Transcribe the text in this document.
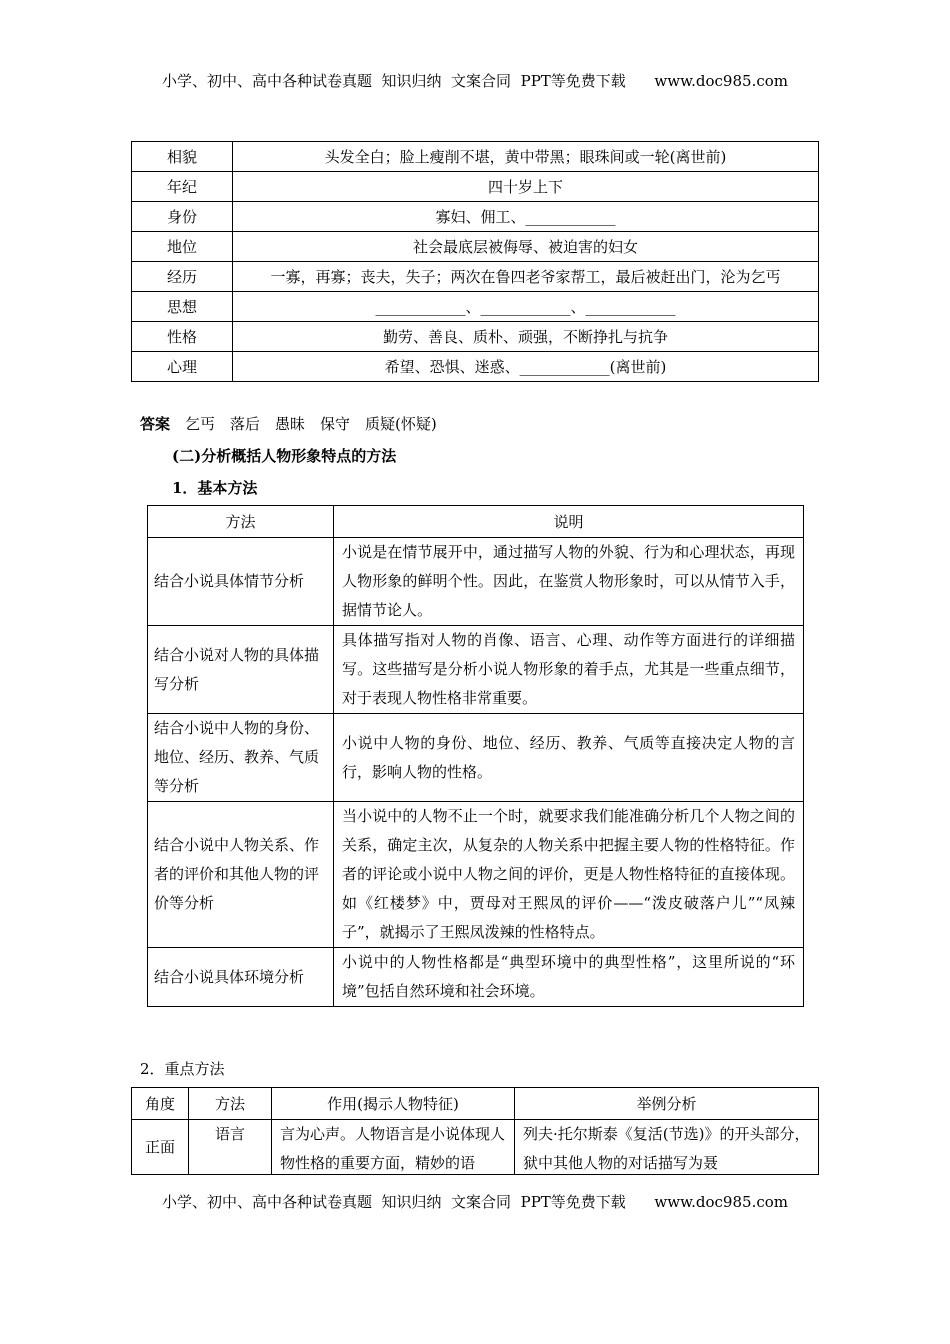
小学、初中、高中各种试卷真题  知识归纳  文案合同  PPT等免费下载      www.doc985.com
相貌	头发全白；脸上瘦削不堪，黄中带黑；眼珠间或一轮(离世前)
年纪	四十岁上下
身份	寡妇、佣工、____________
地位	社会最底层被侮辱、被迫害的妇女
经历	一寡，再寡；丧夫，失子；两次在鲁四老爷家帮工，最后被赶出门，沦为乞丐
思想	____________、____________、____________
性格	勤劳、善良、质朴、顽强，不断挣扎与抗争
心理	希望、恐惧、迷惑、____________(离世前)
答案　 乞丐　落后　愚昧　保守　质疑(怀疑)
(二)分析概括人物形象特点的方法
1．基本方法
方法	说明
结合小说具体情节分析	小说是在情节展开中，通过描写人物的外貌、行为和心理状态，再现人物形象的鲜明个性。因此，在鉴赏人物形象时，可以从情节入手，据情节论人。
结合小说对人物的具体描写分析	具体描写指对人物的肖像、语言、心理、动作等方面进行的详细描写。这些描写是分析小说人物形象的着手点，尤其是一些重点细节，对于表现人物性格非常重要。
结合小说中人物的身份、地位、经历、教养、气质等分析	小说中人物的身份、地位、经历、教养、气质等直接决定人物的言行，影响人物的性格。
结合小说中人物关系、作者的评价和其他人物的评价等分析	当小说中的人物不止一个时，就要求我们能准确分析几个人物之间的关系，确定主次，从复杂的人物关系中把握主要人物的性格特征。作者的评论或小说中人物之间的评价，更是人物性格特征的直接体现。如《红楼梦》中，贾母对王熙凤的评价——“泼皮破落户儿”“凤辣子”，就揭示了王熙凤泼辣的性格特点。
结合小说具体环境分析	小说中的人物性格都是“典型环境中的典型性格”，这里所说的“环境”包括自然环境和社会环境。
2．重点方法
角度	方法	作用(揭示人物特征)	举例分析
正面	语言	言为心声。人物语言是小说体现人物性格的重要方面，精妙的语	列夫·托尔斯泰《复活(节选)》的开头部分，狱中其他人物的对话描写为聂
小学、初中、高中各种试卷真题  知识归纳  文案合同  PPT等免费下载      www.doc985.com
